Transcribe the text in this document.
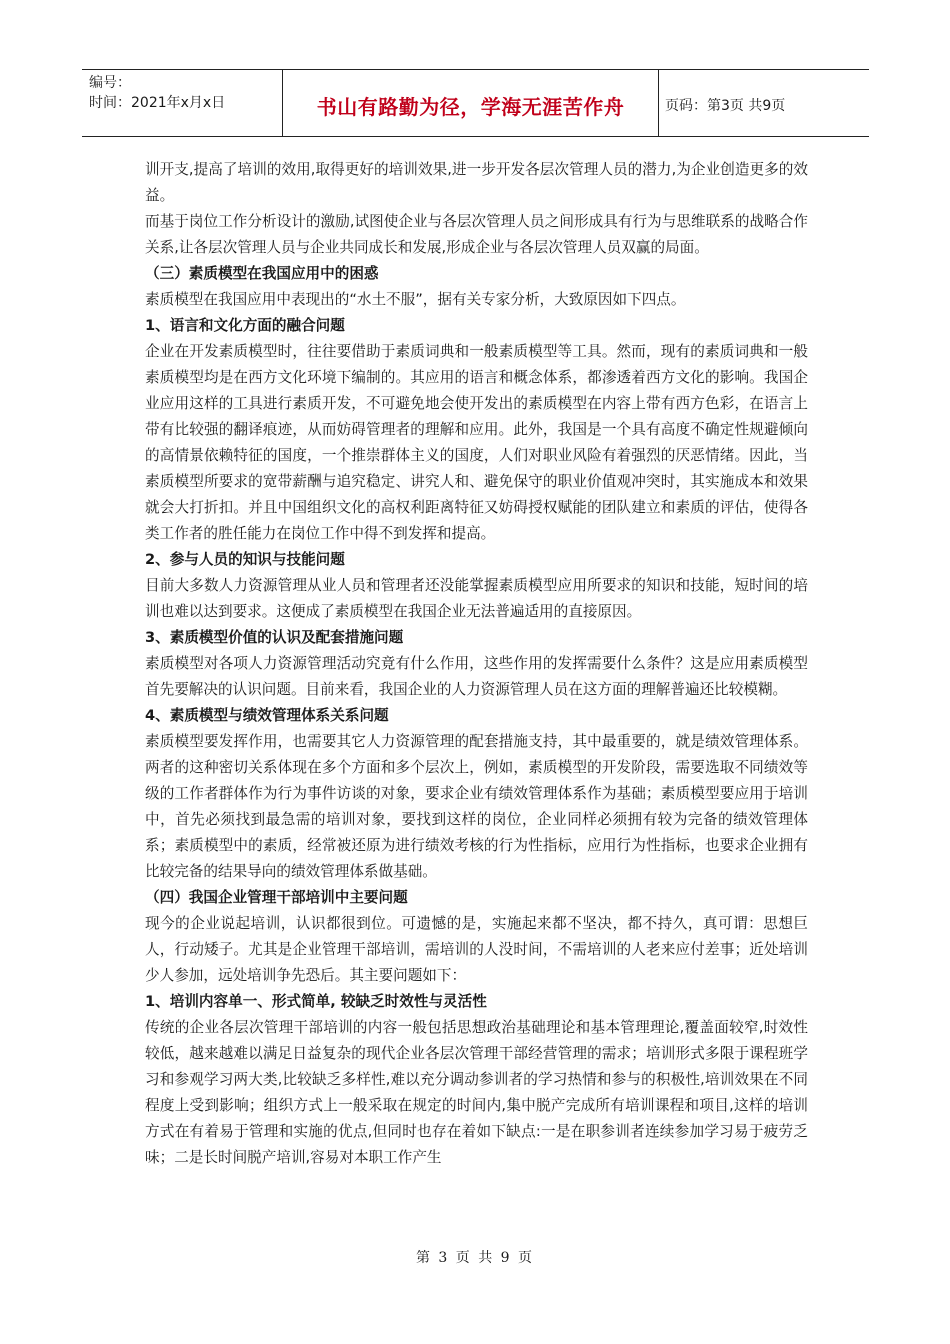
编号：
时间：2021年x月x日	书山有路勤为径，学海无涯苦作舟	页码：第3页 共9页

训开支,提高了培训的效用,取得更好的培训效果,进一步开发各层次管理人员的潜力,为企业创造更多的效益。

而基于岗位工作分析设计的激励,试图使企业与各层次管理人员之间形成具有行为与思维联系的战略合作关系,让各层次管理人员与企业共同成长和发展,形成企业与各层次管理人员双赢的局面。

（三）素质模型在我国应用中的困惑

素质模型在我国应用中表现出的“水土不服”，据有关专家分析，大致原因如下四点。

1、语言和文化方面的融合问题

企业在开发素质模型时，往往要借助于素质词典和一般素质模型等工具。然而，现有的素质词典和一般素质模型均是在西方文化环境下编制的。其应用的语言和概念体系，都渗透着西方文化的影响。我国企业应用这样的工具进行素质开发，不可避免地会使开发出的素质模型在内容上带有西方色彩，在语言上带有比较强的翻译痕迹，从而妨碍管理者的理解和应用。此外，我国是一个具有高度不确定性规避倾向的高情景依赖特征的国度，一个推崇群体主义的国度，人们对职业风险有着强烈的厌恶情绪。因此，当素质模型所要求的宽带薪酬与追究稳定、讲究人和、避免保守的职业价值观冲突时，其实施成本和效果就会大打折扣。并且中国组织文化的高权利距离特征又妨碍授权赋能的团队建立和素质的评估，使得各类工作者的胜任能力在岗位工作中得不到发挥和提高。

2、参与人员的知识与技能问题

目前大多数人力资源管理从业人员和管理者还没能掌握素质模型应用所要求的知识和技能，短时间的培训也难以达到要求。这便成了素质模型在我国企业无法普遍适用的直接原因。

3、素质模型价值的认识及配套措施问题

素质模型对各项人力资源管理活动究竟有什么作用，这些作用的发挥需要什么条件？这是应用素质模型首先要解决的认识问题。目前来看，我国企业的人力资源管理人员在这方面的理解普遍还比较模糊。

4、素质模型与绩效管理体系关系问题

素质模型要发挥作用，也需要其它人力资源管理的配套措施支持，其中最重要的，就是绩效管理体系。两者的这种密切关系体现在多个方面和多个层次上，例如，素质模型的开发阶段，需要选取不同绩效等级的工作者群体作为行为事件访谈的对象，要求企业有绩效管理体系作为基础；素质模型要应用于培训中，首先必须找到最急需的培训对象，要找到这样的岗位，企业同样必须拥有较为完备的绩效管理体系；素质模型中的素质，经常被还原为进行绩效考核的行为性指标，应用行为性指标，也要求企业拥有比较完备的结果导向的绩效管理体系做基础。

（四）我国企业管理干部培训中主要问题

现今的企业说起培训，认识都很到位。可遗憾的是，实施起来都不坚决，都不持久，真可谓：思想巨人，行动矮子。尤其是企业管理干部培训，需培训的人没时间，不需培训的人老来应付差事；近处培训少人参加，远处培训争先恐后。其主要问题如下：

1、培训内容单一、形式简单, 较缺乏时效性与灵活性

传统的企业各层次管理干部培训的内容一般包括思想政治基础理论和基本管理理论,覆盖面较窄,时效性较低，越来越难以满足日益复杂的现代企业各层次管理干部经营管理的需求；培训形式多限于课程班学习和参观学习两大类,比较缺乏多样性,难以充分调动参训者的学习热情和参与的积极性,培训效果在不同程度上受到影响；组织方式上一般采取在规定的时间内,集中脱产完成所有培训课程和项目,这样的培训方式在有着易于管理和实施的优点,但同时也存在着如下缺点:一是在职参训者连续参加学习易于疲劳乏味；二是长时间脱产培训,容易对本职工作产生

第 3 页 共 9 页
